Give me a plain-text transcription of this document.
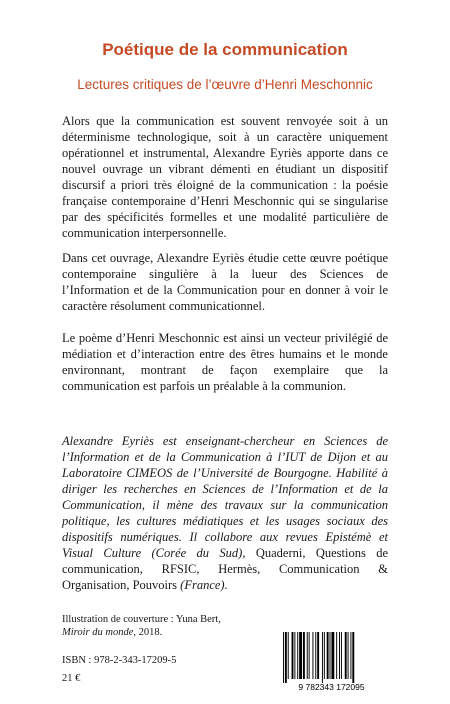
Poétique de la communication
Lectures critiques de l’œuvre d’Henri Meschonnic

Alors que la communication est souvent renvoyée soit à un déterminisme technologique, soit à un caractère uniquement opérationnel et instrumental, Alexandre Eyriès apporte dans ce nouvel ouvrage un vibrant démenti en étudiant un dispositif discursif a priori très éloigné de la communication : la poésie française contemporaine d’Henri Meschonnic qui se singularise par des spécificités formelles et une modalité particulière de communication interpersonnelle.

Dans cet ouvrage, Alexandre Eyriès étudie cette œuvre poétique contemporaine singulière à la lueur des Sciences de l’Information et de la Communication pour en donner à voir le caractère résolument communicationnel.

Le poème d’Henri Meschonnic est ainsi un vecteur privilégié de médiation et d’interaction entre des êtres humains et le monde environnant, montrant de façon exemplaire que la communication est parfois un préalable à la communion.

Alexandre Eyriès est enseignant-chercheur en Sciences de l’Information et de la Communication à l’IUT de Dijon et au Laboratoire CIMEOS de l’Université de Bourgogne. Habilité à diriger les recherches en Sciences de l’Information et de la Communication, il mène des travaux sur la communication politique, les cultures médiatiques et les usages sociaux des dispositifs numériques. Il collabore aux revues Epistémè et Visual Culture (Corée du Sud), Quaderni, Questions de communication, RFSIC, Hermès, Communication & Organisation, Pouvoirs (France).

Illustration de couverture : Yuna Bert,
Miroir du monde, 2018.
ISBN : 978-2-343-17209-5
21 €
9 782343 172095
